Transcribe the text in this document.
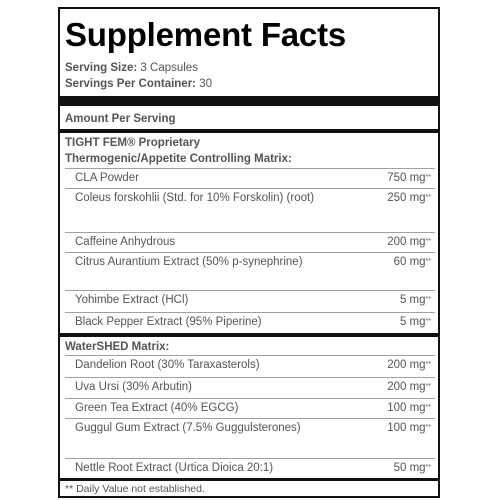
Supplement Facts
Serving Size: 3 Capsules
Servings Per Container: 30
Amount Per Serving
TIGHT FEM® Proprietary
Thermogenic/Appetite Controlling Matrix:
CLA Powder	750 mg**
Coleus forskohlii (Std. for 10% Forskolin) (root)	250 mg**
Caffeine Anhydrous	200 mg**
Citrus Aurantium Extract (50% p-synephrine)	60 mg**
Yohimbe Extract (HCl)	5 mg**
Black Pepper Extract (95% Piperine)	5 mg**
WaterSHED Matrix:
Dandelion Root (30% Taraxasterols)	200 mg**
Uva Ursi (30% Arbutin)	200 mg**
Green Tea Extract (40% EGCG)	100 mg**
Guggul Gum Extract (7.5% Guggulsterones)	100 mg**
Nettle Root Extract (Urtica Dioica 20:1)	50 mg**
** Daily Value not established.
